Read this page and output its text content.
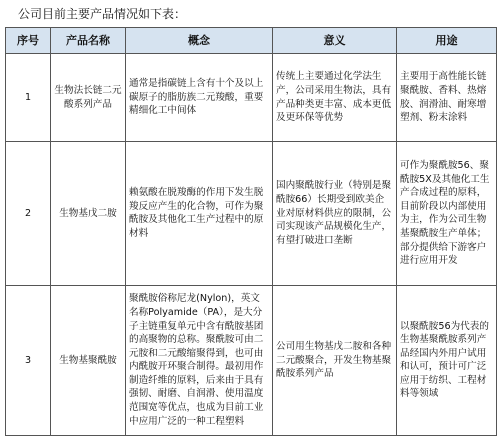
公司目前主要产品情况如下表：
序号	产品名称	概念	意义	用途
1	生物法长链二元酸系列产品	通常是指碳链上含有十个及以上碳原子的脂肪族二元羧酸，重要精细化工中间体	传统上主要通过化学法生产，公司采用生物法，具有产品种类更丰富、成本更低及更环保等优势	主要用于高性能长链聚酰胺、香料、热熔胶、润滑油、耐寒增塑剂、粉末涂料
2	生物基戊二胺	赖氨酸在脱羧酶的作用下发生脱羧反应产生的化合物，可作为聚酰胺及其他化工生产过程中的原材料	国内聚酰胺行业（特别是聚酰胺66）长期受到欧美企业对原材料供应的限制，公司实现该产品规模化生产，有望打破进口垄断	可作为聚酰胺56、聚酰胺5X及其他化工生产合成过程的原料，目前阶段以内部使用为主，作为公司生物基聚酰胺生产单体；部分提供给下游客户进行应用开发
3	生物基聚酰胺	聚酰胺俗称尼龙(Nylon)，英文名称Polyamide（PA），是大分子主链重复单元中含有酰胺基团的高聚物的总称。聚酰胺可由二元胺和二元酸缩聚得到，也可由内酰胺开环聚合制得。最初用作制造纤维的原料，后来由于具有强韧、耐磨、自润滑、使用温度范围宽等优点，也成为目前工业中应用广泛的一种工程塑料	公司用生物基戊二胺和各种二元酸聚合，开发生物基聚酰胺系列产品	以聚酰胺56为代表的生物基聚酰胺系列产品经国内外用户试用和认可，预计可广泛应用于纺织、工程材料等领域
